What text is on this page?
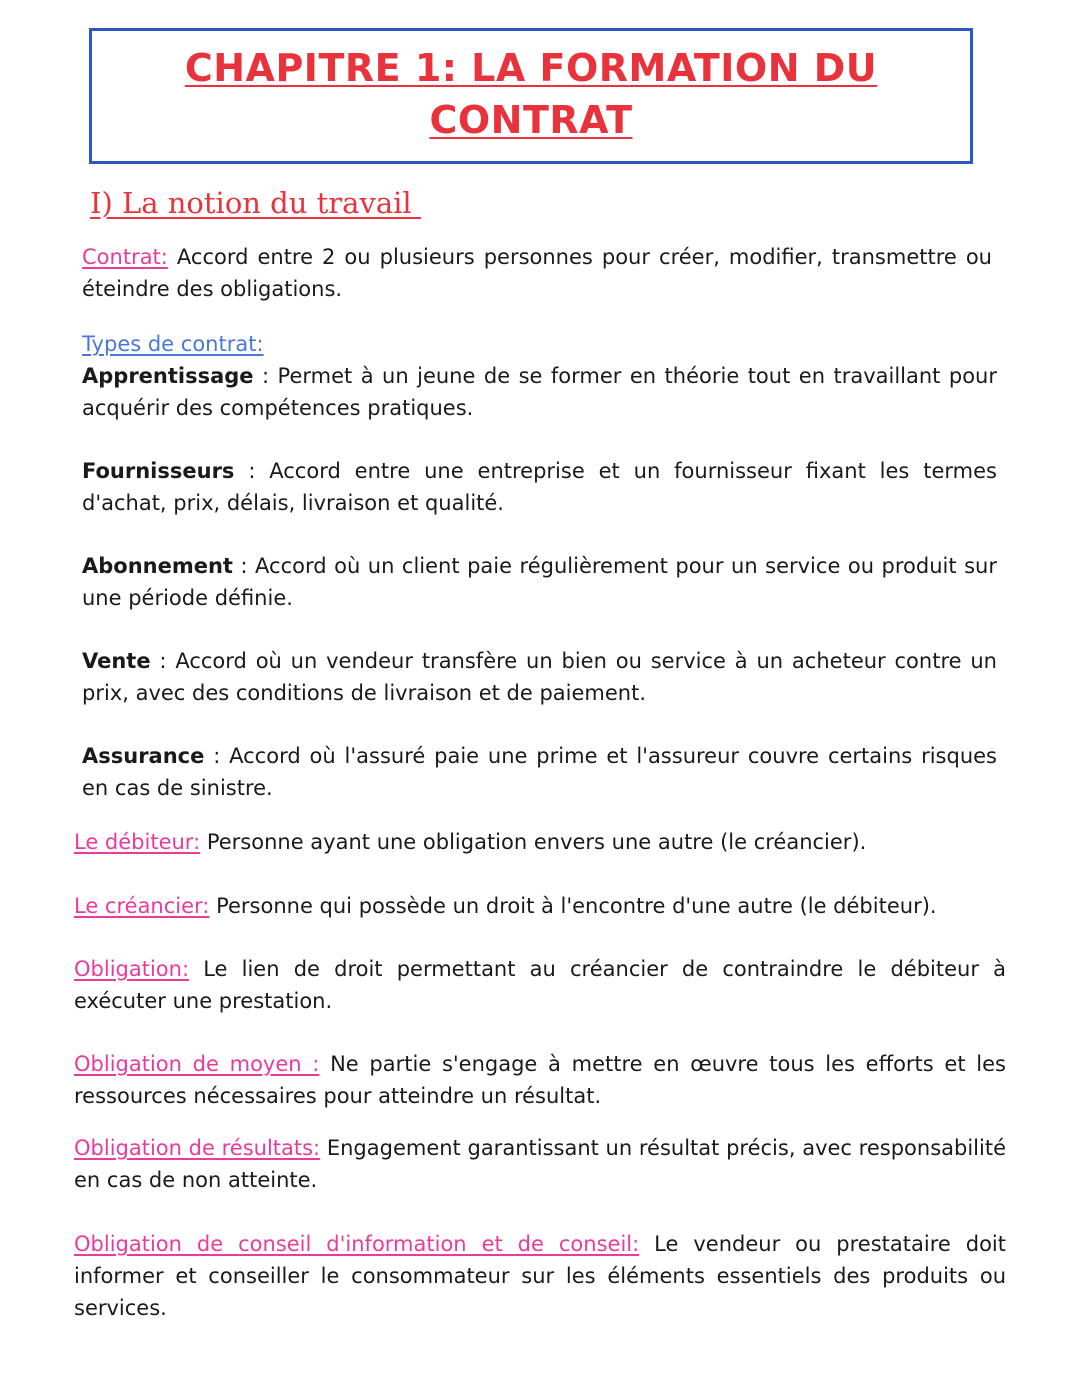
CHAPITRE 1: LA FORMATION DU
CONTRAT
I) La notion du travail

Contrat: Accord entre 2 ou plusieurs personnes pour créer, modifier, transmettre ou éteindre des obligations.

Types de contrat:

Apprentissage : Permet à un jeune de se former en théorie tout en travaillant pour acquérir des compétences pratiques.

Fournisseurs : Accord entre une entreprise et un fournisseur fixant les termes d'achat, prix, délais, livraison et qualité.

Abonnement : Accord où un client paie régulièrement pour un service ou produit sur une période définie.

Vente : Accord où un vendeur transfère un bien ou service à un acheteur contre un prix, avec des conditions de livraison et de paiement.

Assurance : Accord où l'assuré paie une prime et l'assureur couvre certains risques en cas de sinistre.

Le débiteur: Personne ayant une obligation envers une autre (le créancier).

Le créancier: Personne qui possède un droit à l'encontre d'une autre (le débiteur).

Obligation: Le lien de droit permettant au créancier de contraindre le débiteur à exécuter une prestation.

Obligation de moyen : Ne partie s'engage à mettre en œuvre tous les efforts et les ressources nécessaires pour atteindre un résultat.

Obligation de résultats: Engagement garantissant un résultat précis, avec responsabilité en cas de non atteinte.

Obligation de conseil d'information et de conseil: Le vendeur ou prestataire doit informer et conseiller le consommateur sur les éléments essentiels des produits ou services.
